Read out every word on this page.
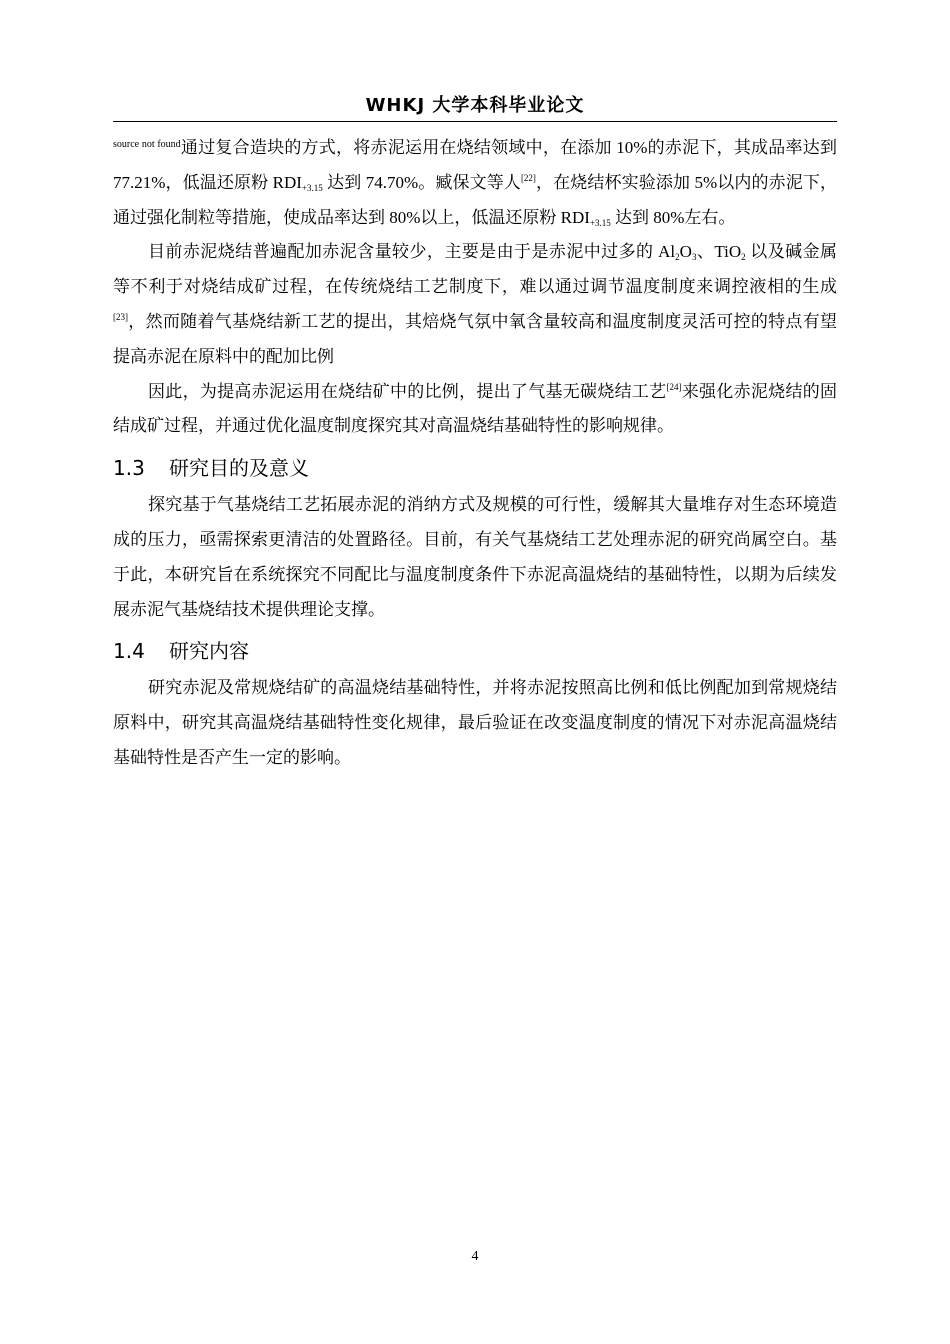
WHKJ 大学本科毕业论文

$^{source not found}$通过复合造块的方式，将赤泥运用在烧结领域中，在添加 10%的赤泥下，其成品率达到 77.21%，低温还原粉 $RDI_{+3.15}$ 达到 74.70%。臧保文等人[22]，在烧结杯实验添加 5%以内的赤泥下，通过强化制粒等措施，使成品率达到 80%以上，低温还原粉 $RDI_{+3.15}$ 达到 80%左右。

目前赤泥烧结普遍配加赤泥含量较少，主要是由于是赤泥中过多的 $Al_2O_3$、TiO$_2$ 以及碱金属等不利于对烧结成矿过程，在传统烧结工艺制度下，难以通过调节温度制度来调控液相的生成[23]，然而随着气基烧结新工艺的提出，其焙烧气氛中氧含量较高和温度制度灵活可控的特点有望提高赤泥在原料中的配加比例

因此，为提高赤泥运用在烧结矿中的比例，提出了气基无碳烧结工艺[24]来强化赤泥烧结的固结成矿过程，并通过优化温度制度探究其对高温烧结基础特性的影响规律。

1.3 研究目的及意义

探究基于气基烧结工艺拓展赤泥的消纳方式及规模的可行性，缓解其大量堆存对生态环境造成的压力，亟需探索更清洁的处置路径。目前，有关气基烧结工艺处理赤泥的研究尚属空白。基于此，本研究旨在系统探究不同配比与温度制度条件下赤泥高温烧结的基础特性，以期为后续发展赤泥气基烧结技术提供理论支撑。

1.4 研究内容

研究赤泥及常规烧结矿的高温烧结基础特性，并将赤泥按照高比例和低比例配加到常规烧结原料中，研究其高温烧结基础特性变化规律，最后验证在改变温度制度的情况下对赤泥高温烧结基础特性是否产生一定的影响。

4
